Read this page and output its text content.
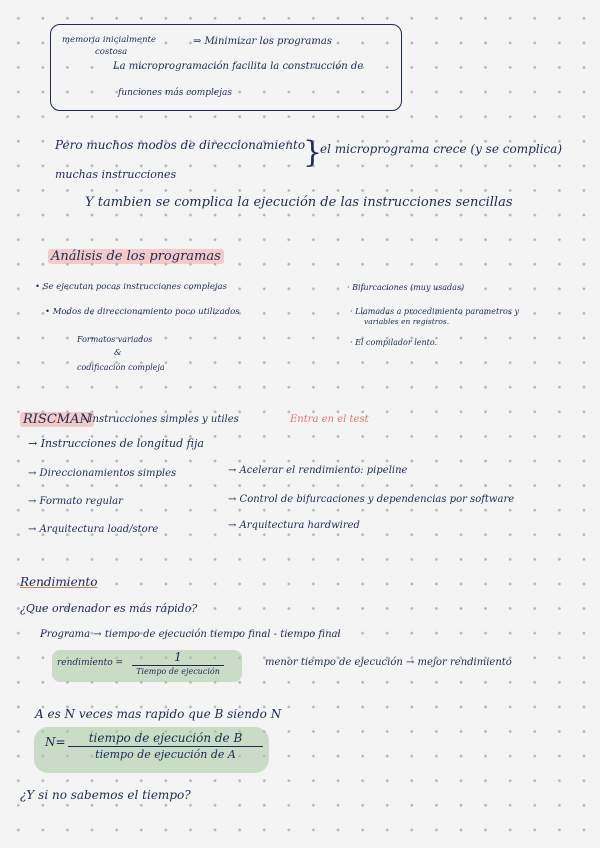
memoria inicialmente
costosa
⇒ Minimizar los programas
La microprogramación facilita la construcción de
funciones más complejas
Pero muchos modos de direccionamiento
}
el microprograma crece (y se complica)
muchas instrucciones
Y tambien se complica la ejecución de las instrucciones sencillas
Análisis de los programas
• Se ejecutan pocas instrucciones complejas
• Modos de direccionamiento poco utilizados
Formatos variados
&
codificación compleja
· Bifurcaciones (muy usadas)
· Llamadas a procedimiento parametros y
variables en registros.
· El compilador lento.
RISCMAN
- Instrucciones simples y utiles	Entra en el test
→ Instrucciones de longitud fija
→ Direccionamientos simples
→ Formato regular
→ Arquitectura load/store
→ Acelerar el rendimiento: pipeline
→ Control de bifurcaciones y dependencias por software
→ Arquitectura hardwired
Rendimiento
¿Que ordenador es más rápido?
Programa → tiempo de ejecución tiempo final - tiempo final
rendimiento =	1
Tiempo de ejecución
menor tiempo de ejecución → mejor rendimiento
A es N veces mas rapido que B siendo N
N=	tiempo de ejecución de B
tiempo de ejecución de A
¿Y si no sabemos el tiempo?
